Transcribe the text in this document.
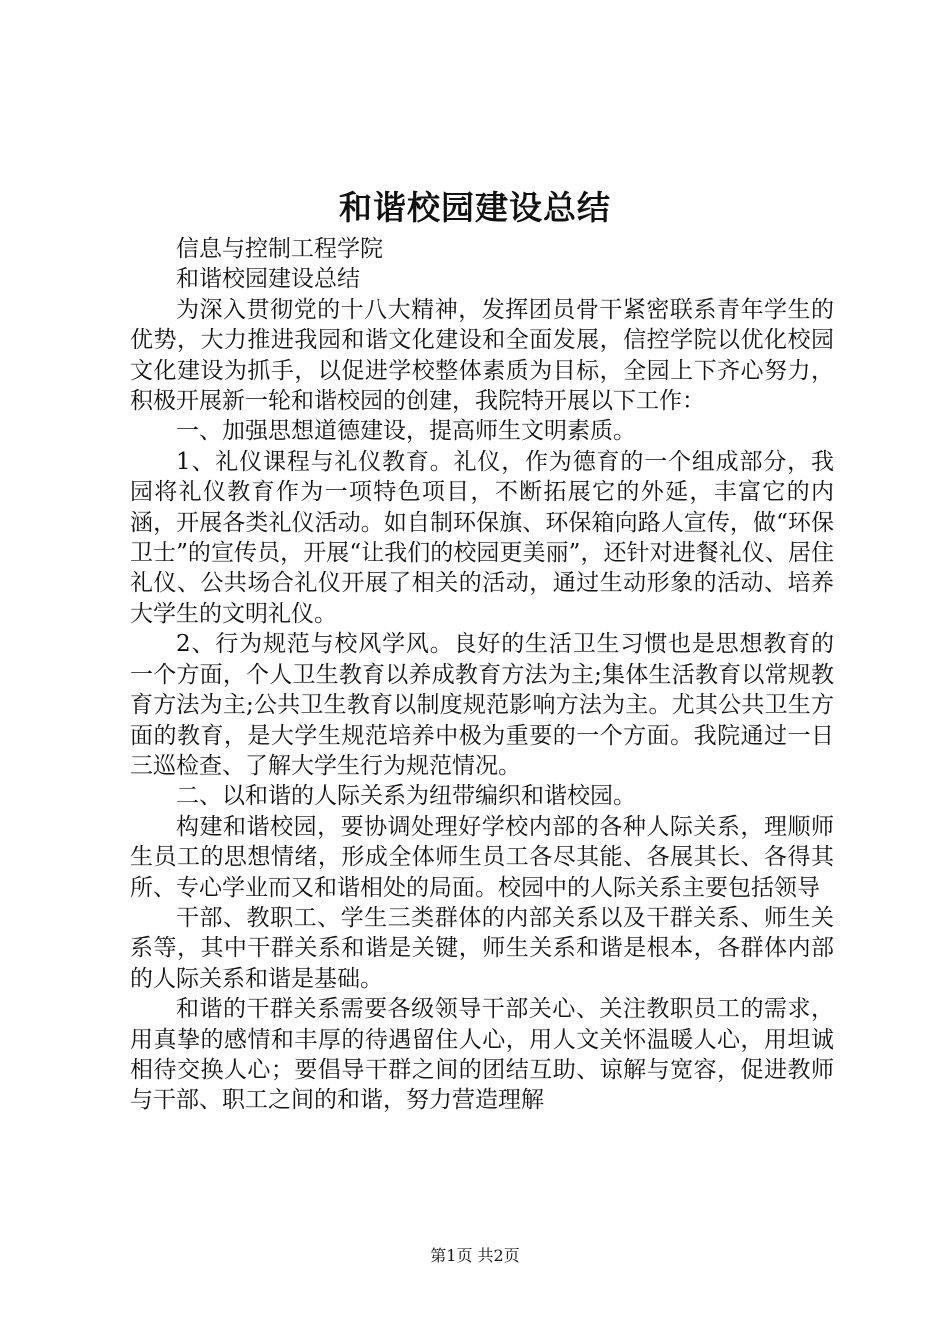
和谐校园建设总结

信息与控制工程学院

和谐校园建设总结

为深入贯彻党的十八大精神，发挥团员骨干紧密联系青年学生的优势，大力推进我园和谐文化建设和全面发展，信控学院以优化校园文化建设为抓手，以促进学校整体素质为目标，全园上下齐心努力，积极开展新一轮和谐校园的创建，我院特开展以下工作：

一、加强思想道德建设，提高师生文明素质。

1、礼仪课程与礼仪教育。礼仪，作为德育的一个组成部分，我园将礼仪教育作为一项特色项目，不断拓展它的外延，丰富它的内涵，开展各类礼仪活动。如自制环保旗、环保箱向路人宣传，做“环保卫士”的宣传员，开展“让我们的校园更美丽”，还针对进餐礼仪、居住礼仪、公共场合礼仪开展了相关的活动，通过生动形象的活动、培养大学生的文明礼仪。

2、行为规范与校风学风。良好的生活卫生习惯也是思想教育的一个方面，个人卫生教育以养成教育方法为主;集体生活教育以常规教育方法为主;公共卫生教育以制度规范影响方法为主。尤其公共卫生方面的教育，是大学生规范培养中极为重要的一个方面。我院通过一日三巡检查、了解大学生行为规范情况。

二、以和谐的人际关系为纽带编织和谐校园。

构建和谐校园，要协调处理好学校内部的各种人际关系，理顺师生员工的思想情绪，形成全体师生员工各尽其能、各展其长、各得其所、专心学业而又和谐相处的局面。校园中的人际关系主要包括领导

干部、教职工、学生三类群体的内部关系以及干群关系、师生关系等，其中干群关系和谐是关键，师生关系和谐是根本，各群体内部的人际关系和谐是基础。

和谐的干群关系需要各级领导干部关心、关注教职员工的需求，用真挚的感情和丰厚的待遇留住人心，用人文关怀温暖人心，用坦诚相待交换人心；要倡导干群之间的团结互助、谅解与宽容，促进教师与干部、职工之间的和谐，努力营造理解

第1页 共2页
